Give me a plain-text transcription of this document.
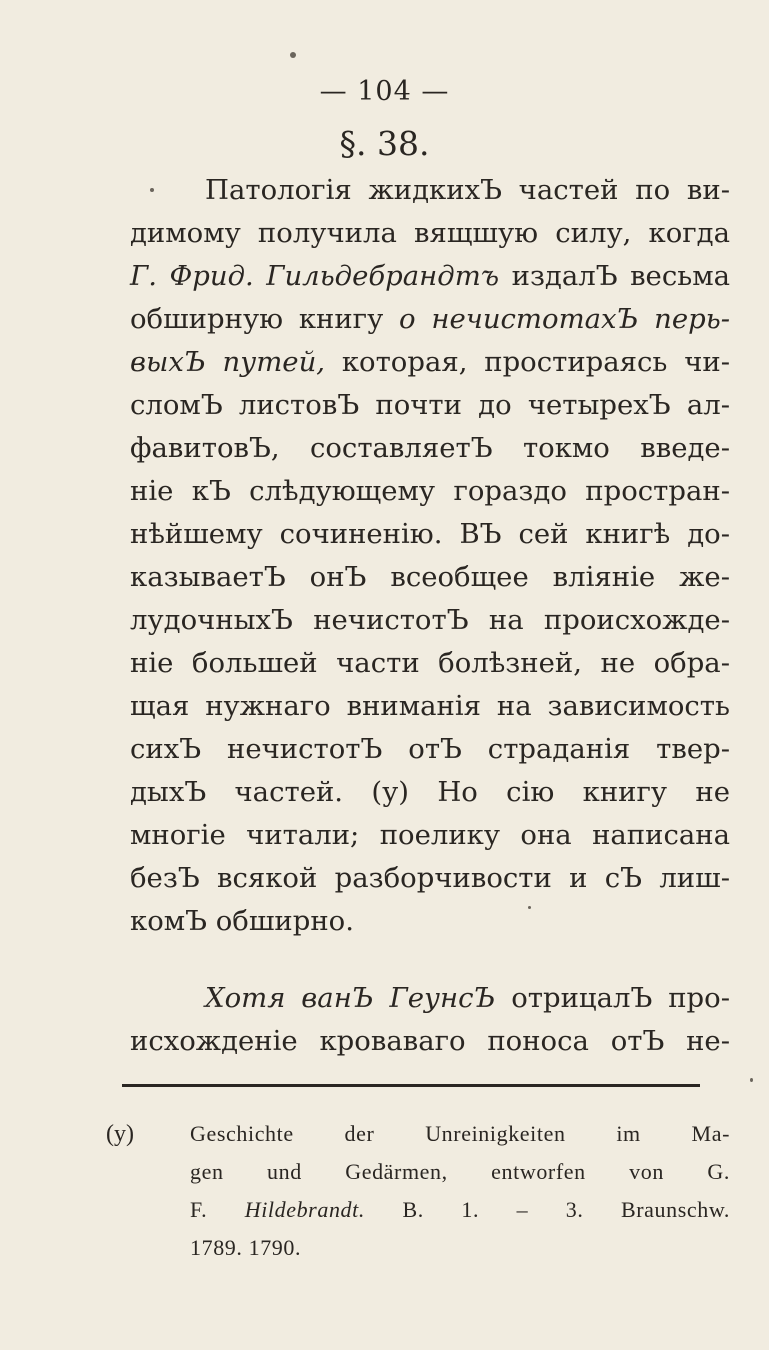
— 104 —
§. 38.
Патологія жидкихЪ частей по ви-
димому получила вящшую силу, когда
Г. Фрид. Гильдебрандтъ издалЪ весьма
обширную книгу о нечистотахЪ перь-
выхЪ путей, которая, простираясь чи-
сломЪ листовЪ почти до четырехЪ ал-
фавитовЪ, составляетЪ токмо введе-
ніе кЪ слѣдующему гораздо простран-
нѣйшему сочиненію. ВЪ сей книгѣ до-
казываетЪ онЪ всеобщее вліяніе же-
лудочныхЪ нечистотЪ на происхожде-
ніе большей части болѣзней, не обра-
щая нужнаго вниманія на зависимость
сихЪ нечистотЪ отЪ страданія твер-
дыхЪ частей. (у) Но сію книгу не
многіе читали; поелику она написана
безЪ всякой разборчивости и сЪ лиш-
комЪ обширно.
Хотя ванЪ ГеунсЪ отрицалЪ про-
исхожденіе кроваваго поноса отЪ не-
(y)	Geschichte der Unreinigkeiten im Ma-
gen und Gedärmen, entworfen von G.
F. Hildebrandt. B. 1. – 3. Braunschw.
1789. 1790.
